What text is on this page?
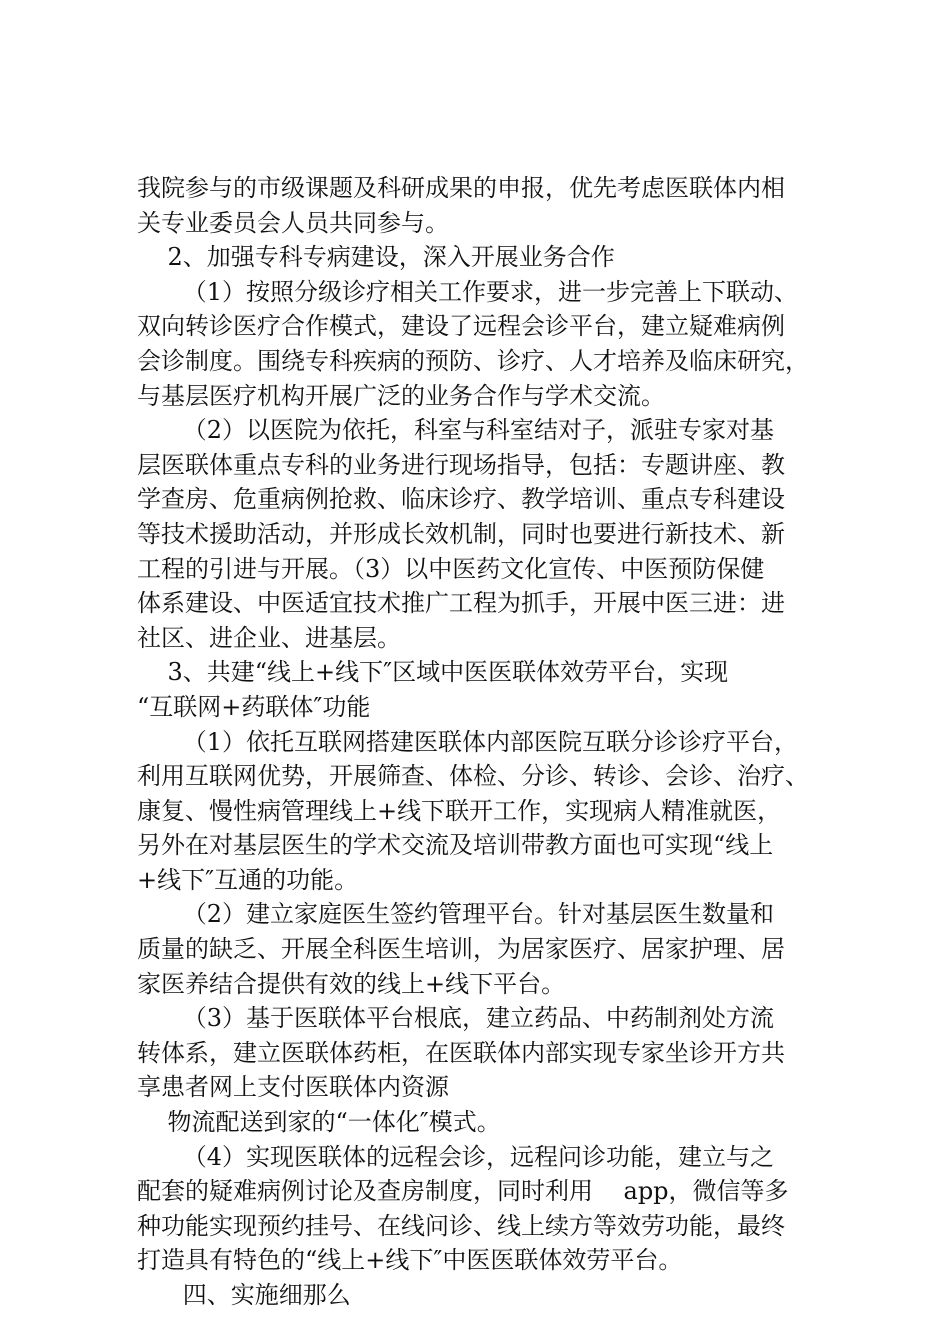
我院参与的市级课题及科研成果的申报，优先考虑医联体内相
关专业委员会人员共同参与。
2、加强专科专病建设，深入开展业务合作
（1）按照分级诊疗相关工作要求，进一步完善上下联动、
双向转诊医疗合作模式，建设了远程会诊平台，建立疑难病例
会诊制度。围绕专科疾病的预防、诊疗、人才培养及临床研究，
与基层医疗机构开展广泛的业务合作与学术交流。
（2）以医院为依托，科室与科室结对子，派驻专家对基
层医联体重点专科的业务进行现场指导，包括：专题讲座、教
学查房、危重病例抢救、临床诊疗、教学培训、重点专科建设
等技术援助活动，并形成长效机制，同时也要进行新技术、新
工程的引进与开展。（3）以中医药文化宣传、中医预防保健
体系建设、中医适宜技术推广工程为抓手，开展中医三进：进
社区、进企业、进基层。
3、共建“线上+线下″区域中医医联体效劳平台，实现
“互联网+药联体″功能
（1）依托互联网搭建医联体内部医院互联分诊诊疗平台，
利用互联网优势，开展筛查、体检、分诊、转诊、会诊、治疗、
康复、慢性病管理线上+线下联开工作，实现病人精准就医，
另外在对基层医生的学术交流及培训带教方面也可实现“线上
+线下″互通的功能。
（2）建立家庭医生签约管理平台。针对基层医生数量和
质量的缺乏、开展全科医生培训，为居家医疗、居家护理、居
家医养结合提供有效的线上+线下平台。
（3）基于医联体平台根底，建立药品、中药制剂处方流
转体系，建立医联体药柜，在医联体内部实现专家坐诊开方共
享患者网上支付医联体内资源
物流配送到家的“一体化″模式。
（4）实现医联体的远程会诊，远程问诊功能，建立与之
配套的疑难病例讨论及查房制度，同时利用    app，微信等多
种功能实现预约挂号、在线问诊、线上续方等效劳功能，最终
打造具有特色的“线上+线下″中医医联体效劳平台。
四、实施细那么
